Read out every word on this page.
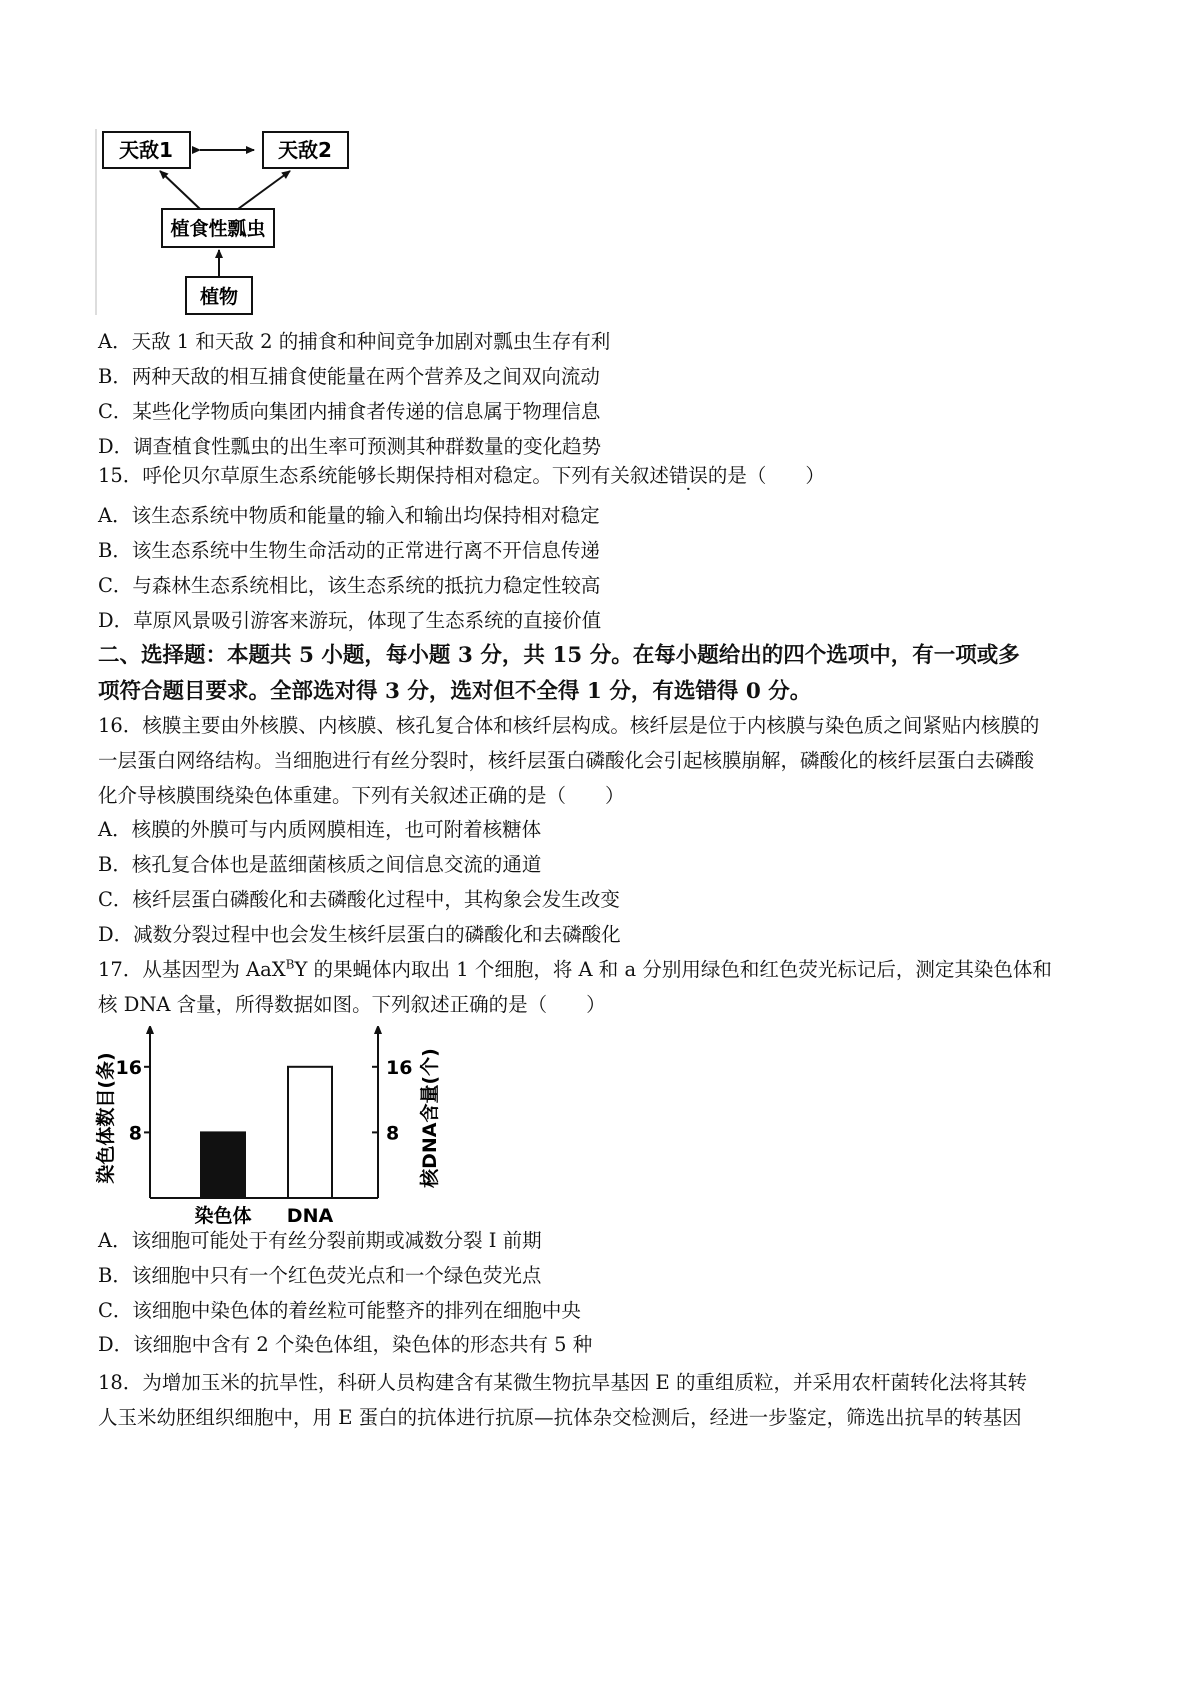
天敌1	天敌2
植食性瓢虫
植物
A．天敌 1 和天敌 2 的捕食和种间竞争加剧对瓢虫生存有利
B．两种天敌的相互捕食使能量在两个营养及之间双向流动
C．某些化学物质向集团内捕食者传递的信息属于物理信息
D．调查植食性瓢虫的出生率可预测其种群数量的变化趋势
15．呼伦贝尔草原生态系统能够长期保持相对稳定。下列有关叙述错误的是（　　）
A．该生态系统中物质和能量的输入和输出均保持相对稳定
B．该生态系统中生物生命活动的正常进行离不开信息传递
C．与森林生态系统相比，该生态系统的抵抗力稳定性较高
D．草原风景吸引游客来游玩，体现了生态系统的直接价值
二、选择题：本题共 5 小题，每小题 3 分，共 15 分。在每小题给出的四个选项中，有一项或多
项符合题目要求。全部选对得 3 分，选对但不全得 1 分，有选错得 0 分。
16．核膜主要由外核膜、内核膜、核孔复合体和核纤层构成。核纤层是位于内核膜与染色质之间紧贴内核膜的
一层蛋白网络结构。当细胞进行有丝分裂时，核纤层蛋白磷酸化会引起核膜崩解，磷酸化的核纤层蛋白去磷酸
化介导核膜围绕染色体重建。下列有关叙述正确的是（　　）
A．核膜的外膜可与内质网膜相连，也可附着核糖体
B．核孔复合体也是蓝细菌核质之间信息交流的通道
C．核纤层蛋白磷酸化和去磷酸化过程中，其构象会发生改变
D．减数分裂过程中也会发生核纤层蛋白的磷酸化和去磷酸化
17．从基因型为 AaX$^B$Y 的果蝇体内取出 1 个细胞，将 A 和 a 分别用绿色和红色荧光标记后，测定其染色体和
核 DNA 含量，所得数据如图。下列叙述正确的是（　　）
8	8
16	16
染色体 DNA
染色体数目(条)	核DNA含量(个)
A．该细胞可能处于有丝分裂前期或减数分裂 I 前期
B．该细胞中只有一个红色荧光点和一个绿色荧光点
C．该细胞中染色体的着丝粒可能整齐的排列在细胞中央
D．该细胞中含有 2 个染色体组，染色体的形态共有 5 种
18．为增加玉米的抗旱性，科研人员构建含有某微生物抗旱基因 E 的重组质粒，并采用农杆菌转化法将其转
人玉米幼胚组织细胞中，用 E 蛋白的抗体进行抗原—抗体杂交检测后，经进一步鉴定，筛选出抗旱的转基因
